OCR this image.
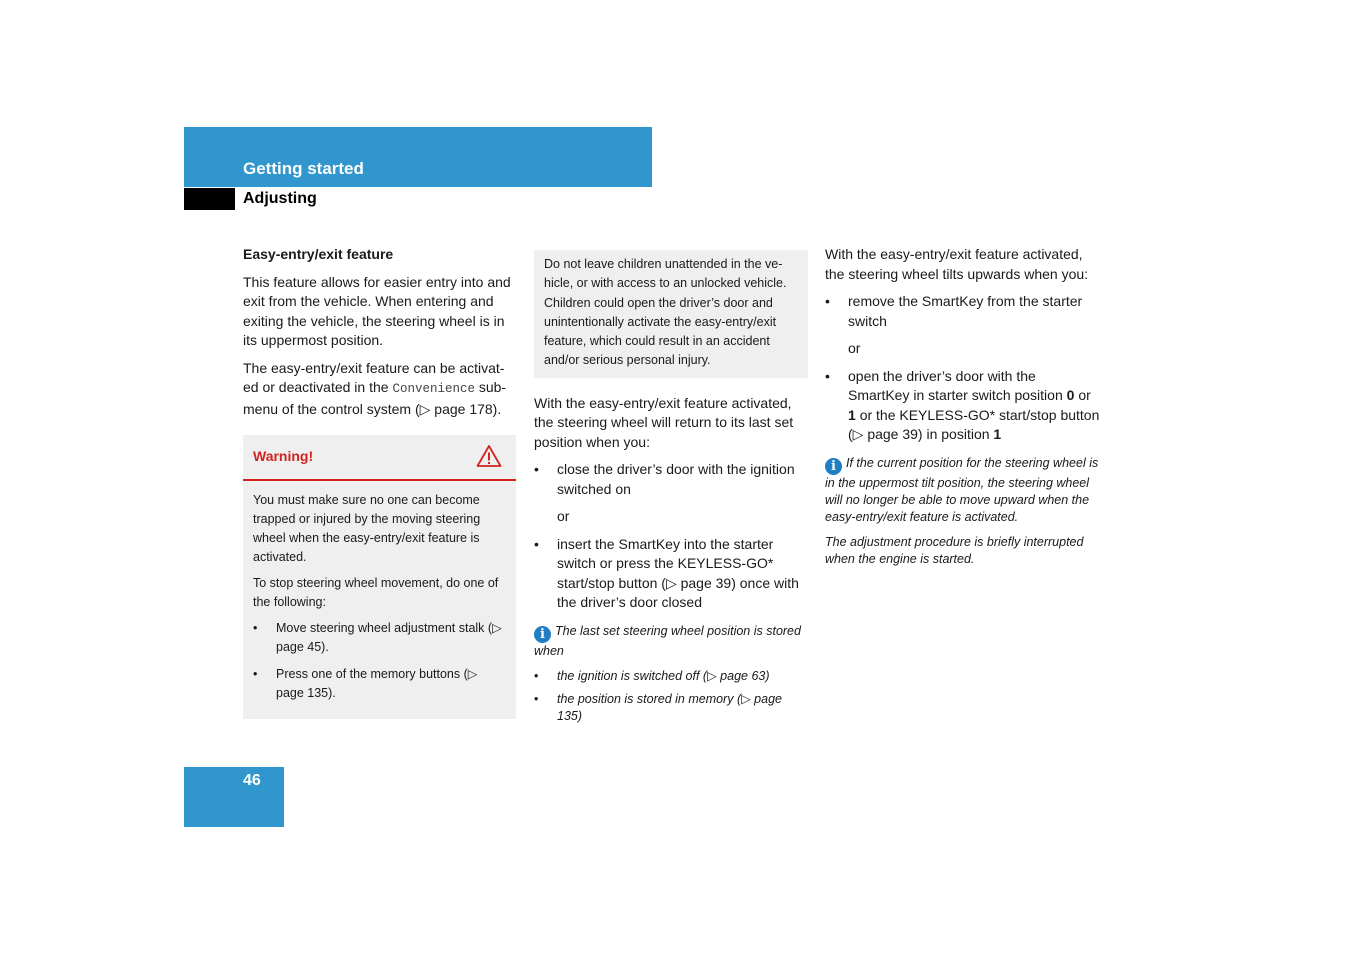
Getting started
Adjusting
Easy-entry/exit feature

This feature allows for easier entry into and exit from the vehicle. When entering and exiting the vehicle, the steering wheel is in its uppermost position.

The easy-entry/exit feature can be activat-ed or deactivated in the Convenience sub-menu of the control system (▷ page 178).

Warning!

You must make sure no one can become trapped or injured by the moving steering wheel when the easy-entry/exit feature is activated.

To stop steering wheel movement, do one of the following:

• Move steering wheel adjustment stalk (▷ page 45).
• Press one of the memory buttons (▷ page 135).
Do not leave children unattended in the ve-hicle, or with access to an unlocked vehicle. Children could open the driver’s door and unintentionally activate the easy-entry/exit feature, which could result in an accident and/or serious personal injury.

With the easy-entry/exit feature activated, the steering wheel will return to its last set position when you:

• close the driver’s door with the ignition switched on

or

• insert the SmartKey into the starter switch or press the KEYLESS-GO* start/stop button (▷ page 39) once with the driver’s door closed

i The last set steering wheel position is stored when

• the ignition is switched off (▷ page 63)
• the position is stored in memory (▷ page 135)

With the easy-entry/exit feature activated, the steering wheel tilts upwards when you:

• remove the SmartKey from the starter switch

or

• open the driver’s door with the SmartKey in starter switch position 0 or 1 or the KEYLESS-GO* start/stop button (▷ page 39) in position 1

i If the current position for the steering wheel is in the uppermost tilt position, the steering wheel will no longer be able to move upward when the easy-entry/exit feature is activated.

The adjustment procedure is briefly interrupted when the engine is started.

46
